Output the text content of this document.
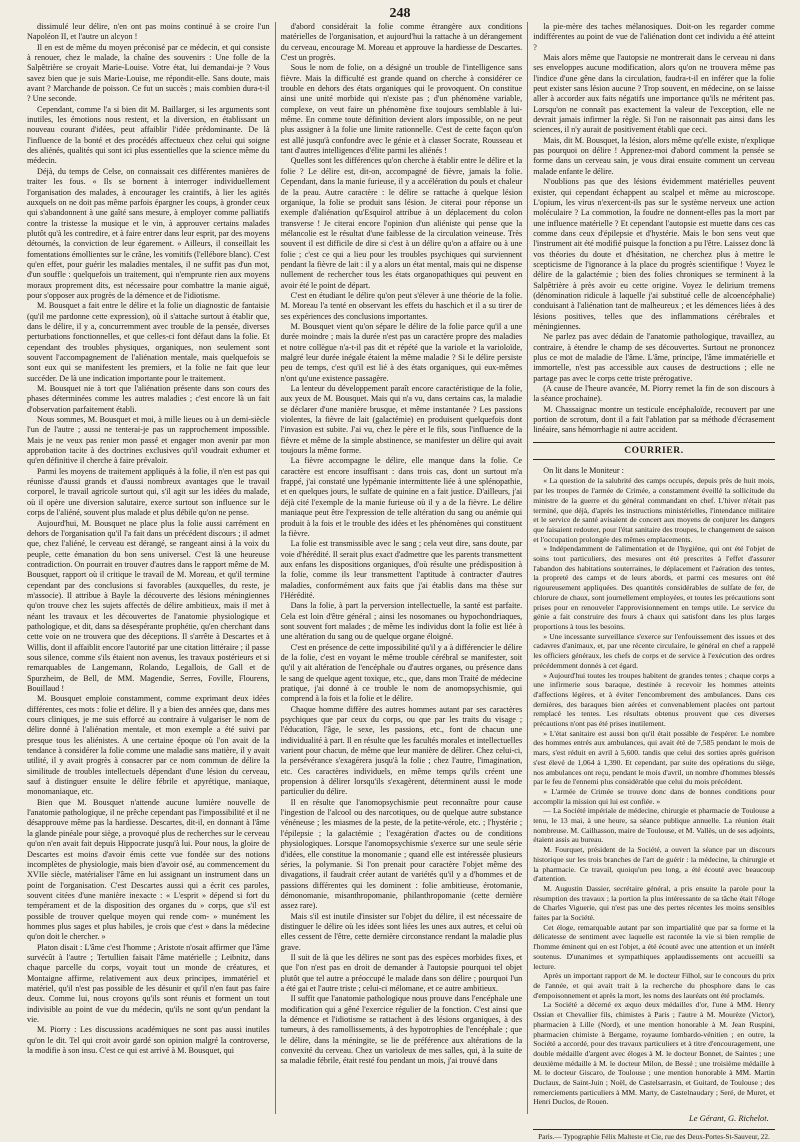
248

dissimulé leur délire, n'en ont pas moins continué à se croire l'un Napoléon II, et l'autre un alcyon !

Il en est de même du moyen préconisé par ce médecin, et qui consiste à renouer, chez le malade, la chaîne des souvenirs : Une folle de la Salpêtrière se croyait Marie-Louise. Votre état, lui demandai-je ? Vous savez bien que je suis Marie-Louise, me répondit-elle. Sans doute, mais avant ? Marchande de poisson. Ce fut un succès ; mais combien dura-t-il ? Une seconde.

Cependant, comme l'a si bien dit M. Baillarger, si les arguments sont inutiles, les émotions nous restent, et la diversion, en établissant un nouveau courant d'idées, peut affaiblir l'idée prédominante. De là l'influence de la bonté et des procédés affectueux chez celui qui soigne des aliénés, qualités qui sont ici plus essentielles que la science même du médecin.

Déjà, du temps de Celse, on connaissait ces différentes manières de traiter les fous. « Ils se bornent à interroger individuellement l'organisation des malades, à encourager les craintifs, à lier les agités auxquels on ne doit pas même parfois épargner les coups, à gronder ceux qui s'abandonnent à une gaîté sans mesure, à employer comme palliatifs contre la tristesse la musique et le vin, à approuver certains malades plutôt qu'à les contredire, et à faire entrer dans leur esprit, par des moyens détournés, la conviction de leur égarement. » Ailleurs, il conseillait les fomentations émollientes sur le crâne, les vomitifs (l'ellébore blanc). C'est qu'en effet, pour guérir les maladies mentales, il ne suffit pas d'un mot, d'un souffle : quelquefois un traitement, qui n'emprunte rien aux moyens moraux proprement dits, est nécessaire pour combattre la manie aiguë, pour s'opposer aux progrès de la démence et de l'idiotisme.

M. Bousquet a fait entre le délire et la folie un diagnostic de fantaisie (qu'il me pardonne cette expression), où il s'attache surtout à établir que, dans le délire, il y a, concurremment avec trouble de la pensée, diverses perturbations fonctionnelles, et que celles-ci font défaut dans la folie. Et cependant des troubles physiques, organiques, non seulement sont souvent l'accompagnement de l'aliénation mentale, mais quelquefois se sont eux qui se manifestent les premiers, et la folie ne fait que leur succéder. De là une indication importante pour le traitement.

M. Bousquet nie à tort que l'aliénation présente dans son cours des phases déterminées comme les autres maladies ; c'est encore là un fait d'observation parfaitement établi.

Nous sommes, M. Bousquet et moi, à mille lieues ou à un demi-siècle l'un de l'autre ; aussi ne tenterai-je pas un rapprochement impossible. Mais je ne veux pas renier mon passé et engager mon avenir par mon approbation tacite à des doctrines exclusives qu'il voudrait exhumer et qu'en définitive il cherche à faire prévaloir.

Parmi les moyens de traitement appliqués à la folie, il n'en est pas qui réunisse d'aussi grands et d'aussi nombreux avantages que le travail corporel, le travail agricole surtout qui, s'il agit sur les idées du malade, où il opère une diversion salutaire, exerce surtout son influence sur le corps de l'aliéné, souvent plus malade et plus débile qu'on ne pense.

Aujourd'hui, M. Bousquet ne place plus la folie aussi carrément en dehors de l'organisation qu'il l'a fait dans un précédent discours ; il admet que, chez l'aliéné, le cerveau est dérangé, se rangeant ainsi à la voix du peuple, cette émanation du bon sens universel. C'est là une heureuse contradiction. On pourrait en trouver d'autres dans le rapport même de M. Bousquet, rapport où il critique le travail de M. Moreau, et qu'il termine cependant par des conclusions si favorables (auxquelles, du reste, je m'associe). Il attribue à Bayle la découverte des lésions méningiennes qu'on trouve chez les sujets affectés de délire ambitieux, mais il met à néant les travaux et les découvertes de l'anatomie physiologique et pathologique, et dit, dans sa désespérante prophétie, qu'en cherchant dans cette voie on ne trouvera que des déceptions. Il s'arrête à Descartes et à Willis, dont il affaiblit encore l'autorité par une citation littéraire ; il passe sous silence, comme s'ils étaient non avenus, les travaux postérieurs et si remarquables de Langemann, Rolando, Legallois, de Gall et de Spurzheim, de Bell, de MM. Magendie, Serres, Foville, Flourens, Bouillaud !

M. Bousquet emploie constamment, comme exprimant deux idées différentes, ces mots : folie et délire. Il y a bien des années que, dans mes cours cliniques, je me suis efforcé au contraire à vulgariser le nom de délire donné à l'aliénation mentale, et mon exemple a été suivi par presque tous les aliénistes. A une certaine époque où l'on avait de la tendance à considérer la folie comme une maladie sans matière, il y avait utilité, il y avait progrès à consacrer par ce nom commun de délire la similitude de troubles intellectuels dépendant d'une lésion du cerveau, sauf à distinguer ensuite le délire fébrile et apyrétique, maniaque, monomaniaque, etc.

Bien que M. Bousquet n'attende aucune lumière nouvelle de l'anatomie pathologique, il ne prêche cependant pas l'impossibilité et il ne désapprouve même pas la hardiesse. Descartes, dit-il, en donnant à l'âme la glande pinéale pour siège, a provoqué plus de recherches sur le cerveau qu'on n'en avait fait depuis Hippocrate jusqu'à lui. Pour nous, la gloire de Descartes est moins d'avoir émis cette vue fondée sur des notions incomplètes de physiologie, mais bien d'avoir osé, au commencement du XVIIe siècle, matérialiser l'âme en lui assignant un instrument dans un point de l'organisation. C'est Descartes aussi qui a écrit ces paroles, souvent citées d'une manière inexacte : « L'esprit » dépend si fort du tempérament et de la disposition des organes du » corps, que s'il est possible de trouver quelque moyen qui rende com- » munément les hommes plus sages et plus habiles, je crois que c'est » dans la médecine qu'on doit le chercher. »

Platon disait : L'âme c'est l'homme ; Aristote n'osait affirmer que l'âme survécût à l'autre ; Tertullien faisait l'âme matérielle ; Leibnitz, dans chaque parcelle du corps, voyait tout un monde de créatures, et Montaigne affirme, relativement aux deux principes, immatériel et matériel, qu'il n'est pas possible de les désunir et qu'il n'en faut pas faire deux. Comme lui, nous croyons qu'ils sont réunis et forment un tout indivisible au point de vue du médecin, qu'ils ne sont qu'un pendant la vie.

M. Piorry : Les discussions académiques ne sont pas aussi inutiles qu'on le dit. Tel qui croit avoir gardé son opinion malgré la controverse, la modifie à son insu. C'est ce qui est arrivé à M. Bousquet, qui

d'abord considérait la folie comme étrangère aux conditions matérielles de l'organisation, et aujourd'hui la rattache à un dérangement du cerveau, encourage M. Moreau et approuve la hardiesse de Descartes. C'est un progrès.

Sous le nom de folie, on a désigné un trouble de l'intelligence sans fièvre. Mais la difficulté est grande quand on cherche à considérer ce trouble en dehors des états organiques qui le provoquent. On constitue ainsi une unité morbide qui n'existe pas ; d'un phénomène variable, complexe, on veut faire un phénomène fixe toujours semblable à lui-même. En comme toute définition devient alors impossible, on ne peut plus assigner à la folie une limite rationnelle. C'est de cette façon qu'on est allé jusqu'à confondre avec le génie et à classer Socrate, Rousseau et tant d'autres intelligences d'élite parmi les aliénés !

Quelles sont les différences qu'on cherche à établir entre le délire et la folie ? Le délire est, dit-on, accompagné de fièvre, jamais la folie. Cependant, dans la manie furieuse, il y a accélération du pouls et chaleur de la peau. Autre caractère : le délire se rattache à quelque lésion organique, la folie se produit sans lésion. Je citerai pour réponse un exemple d'aliénation qu'Esquirol attribue à un déplacement du colon transverse ! Je citerai encore l'opinion d'un aliéniste qui pense que la mélancolie est le résultat d'une faiblesse de la circulation veineuse. Très souvent il est difficile de dire si c'est à un délire qu'on a affaire ou à une folie ; c'est ce qui a lieu pour les troubles psychiques qui surviennent pendant la fièvre de lait : il y a alors un état mental, mais qui ne dispense nullement de rechercher tous les états organopathiques qui peuvent en avoir été le point de départ.

C'est en étudiant le délire qu'on peut s'élever à une théorie de la folie. M. Moreau l'a tenté en observant les effets du haschich et il a su tirer de ses expériences des conclusions importantes.

M. Bousquet vient qu'on sépare le délire de la folie parce qu'il a une durée moindre ; mais la durée n'est pas un caractère propre des maladies et notre collègue n'a-t-il pas dit et répété que la variole et la varioloïde, malgré leur durée inégale étaient la même maladie ? Si le délire persiste peu de temps, c'est qu'il est lié à des états organiques, qui eux-mêmes n'ont qu'une existence passagère.

La lenteur du développement paraît encore caractéristique de la folie, aux yeux de M. Bousquet. Mais qui n'a vu, dans certains cas, la maladie se déclarer d'une manière brusque, et même instantanée ? Les passions violentes, la fièvre de lait (galactémie) en produisent quelquefois dont l'invasion est subite. J'ai vu, chez le père et le fils, sous l'influence de la fièvre et même de la simple abstinence, se manifester un délire qui avait toujours la même forme.

La fièvre accompagne le délire, elle manque dans la folie. Ce caractère est encore insuffisant : dans trois cas, dont un surtout m'a frappé, j'ai constaté une lypémanie intermittente liée à une splénopathie, et en quelques jours, le sulfate de quinine en a fait justice. D'ailleurs, j'ai déjà cité l'exemple de la manie furieuse où il y a de la fièvre. Le délire maniaque peut être l'expression de telle altération du sang ou anémie qui produit à la fois et le trouble des idées et les phénomènes qui constituent la fièvre.

La folie est transmissible avec le sang ; cela veut dire, sans doute, par voie d'hérédité. Il serait plus exact d'admettre que les parents transmettent aux enfans les dispositions organiques, d'où résulte une prédisposition à la folie, comme ils leur transmettent l'aptitude à contracter d'autres maladies, conformément aux faits que j'ai établis dans ma thèse sur l'Hérédité.

Dans la folie, à part la perversion intellectuelle, la santé est parfaite. Cela est loin d'être général ; ainsi les nosomanes ou hypochondriaques, sont souvent fort malades ; de même les individus dont la folie est liée à une altération du sang ou de quelque organe éloigné.

C'est en présence de cette impossibilité qu'il y a à différencier le délire de la folie, c'est en voyant le même trouble cérébral se manifester, soit qu'il y ait altération de l'encéphale ou d'autres organes, ou présence dans le sang de quelque agent toxique, etc., que, dans mon Traité de médecine pratique, j'ai donné à ce trouble le nom de anomopsychismie, qui comprend à la fois et la folie et le délire.

Chaque homme diffère des autres hommes autant par ses caractères psychiques que par ceux du corps, ou que par les traits du visage ; l'éducation, l'âge, le sexe, les passions, etc., font de chacun une individualité à part. Il en résulte que les facultés morales et intellectuelles varient pour chacun, de même que leur manière de délirer. Chez celui-ci, la persévérance s'exagérera jusqu'à la folie ; chez l'autre, l'imagination, etc. Ces caractères individuels, en même temps qu'ils créent une propension à délirer lorsqu'ils s'exagèrent, déterminent aussi le mode particulier du délire.

Il en résulte que l'anomopsychismie peut reconnaître pour cause l'ingestion de l'alcool ou des narcotiques, ou de quelque autre substance vénéneuse ; les miasmes de la peste, de la petite-vérole, etc. ; l'hystérie ; l'épilepsie ; la galactémie ; l'exagération d'actes ou de conditions physiologiques. Lorsque l'anomopsychismie s'exerce sur une seule série d'idées, elle constitue la monomanie ; quand elle est intéressée plusieurs séries, la polymanie. Si l'on prenait pour caractère l'objet même des divagations, il faudrait créer autant de variétés qu'il y a d'hommes et de passions différentes qui les dominent : folie ambitieuse, érotomanie, démonomanie, misanthropomanie, philanthropomanie (cette dernière assez rare).

Mais s'il est inutile d'insister sur l'objet du délire, il est nécessaire de distinguer le délire où les idées sont liées les unes aux autres, et celui où elles cessent de l'être, cette dernière circonstance rendant la maladie plus grave.

Il suit de là que les délires ne sont pas des espèces morbides fixes, et que l'on n'est pas en droit de demander à l'autopsie pourquoi tel objet plutôt que tel autre a préoccupé le malade dans son délire ; pourquoi l'un a été gai et l'autre triste ; celui-ci mélomane, et ce autre ambitieux.

Il suffit que l'anatomie pathologique nous prouve dans l'encéphale une modification qui a gêné l'exercice régulier de la fonction. C'est ainsi que la démence et l'idiotisme se rattachent à des lésions organiques, à des tumeurs, à des ramollissements, à des hypotrophies de l'encéphale ; que le délire, dans la méningite, se lie de préférence aux altérations de la convexité du cerveau. Chez un varioleux de mes salles, qui, à la suite de sa maladie fébrile, était resté fou pendant un mois, j'ai trouvé dans

la pie-mère des taches mélanosiques. Doit-on les regarder comme indifférentes au point de vue de l'aliénation dont cet individu a été atteint ?

Mais alors même que l'autopsie ne montrerait dans le cerveau ni dans ses enveloppes aucune modification, alors qu'on ne trouvera même pas l'indice d'une gêne dans la circulation, faudra-t-il en inférer que la folie peut exister sans lésion aucune ? Trop souvent, en médecine, on se laisse aller à accorder aux faits négatifs une importance qu'ils ne méritent pas. Lorsqu'on ne connaît pas exactement la valeur de l'exception, elle ne devrait jamais infirmer la règle. Si l'on ne raisonnait pas ainsi dans les sciences, il n'y aurait de positivement établi que ceci.

Mais, dit M. Bousquet, la lésion, alors même qu'elle existe, n'explique pas pourquoi on délire ! Apprenez-moi d'abord comment la pensée se forme dans un cerveau sain, je vous dirai ensuite comment un cerveau malade enfante le délire.

N'oublions pas que des lésions évidemment matérielles peuvent exister, qui cependant échappent au scalpel et même au microscope. L'opium, les virus n'exercent-ils pas sur le système nerveux une action moléculaire ? La commotion, la foudre ne donnent-elles pas la mort par une influence matérielle ? Et cependant l'autopsie est muette dans ces cas comme dans ceux d'épilepsie et d'hystérie. Mais le bon sens veut que l'instrument ait été modifié puisque la fonction a pu l'être. Laissez donc là vos théories du doute et d'hésitation, ne cherchez plus à mettre le scepticisme de l'ignorance à la place du progrès scientifique ! Voyez le délire de la galactémie ; bien des folies chroniques se terminent à la Salpêtrière à près avoir eu cette origine. Voyez le delirium tremens (dénomination ridicule à laquelle j'ai substitué celle de alcoencéphalie) conduisant à l'aliénation tant de malheureux ; et les démences liées à des lésions positives, telles que des inflammations cérébrales et méningiennes.

Ne parlez pas avec dédain de l'anatomie pathologique, travaillez, au contraire, à étendre le champ de ses découvertes. Surtout ne prononcez plus ce mot de maladie de l'âme. L'âme, principe, l'âme immatérielle et immortelle, n'est pas accessible aux causes de destructions ; elle ne partage pas avec le corps cette triste prérogative.

(A cause de l'heure avancée, M. Piorry remet la fin de son discours à la séance prochaine).

M. Chassaignac montre un testicule encéphaloïde, recouvert par une portion de scrotum, dont il a fait l'ablation par sa méthode d'écrasement linéaire, sans hémorrhagie ni autre accident.

COURRIER.

On lit dans le Moniteur :

« La question de la salubrité des camps occupés, depuis près de huit mois, par les troupes de l'armée de Crimée, a constamment éveillé la sollicitude du ministre de la guerre et du général commandant en chef. L'hiver n'était pas terminé, que déjà, d'après les instructions ministérielles, l'intendance militaire et le service de santé avisaient de concert aux moyens de conjurer les dangers que faisaient redouter, pour l'état sanitaire des troupes, le changement de saison et l'occupation prolongée des mêmes emplacements.

» Indépendamment de l'alimentation et de l'hygiène, qui ont été l'objet de soins tout particuliers, des mesures ont été prescrites à l'effet d'assurer l'abandon des habitations souterraines, le déplacement et l'aération des tentes, la propreté des camps et de leurs abords, et parmi ces mesures ont été rigoureusement appliquées. Des quantités considérables de sulfate de fer, de chlorure de chaux, sont journellement employées, et toutes les précautions sont prises pour en renouveler l'approvisionnement en temps utile. Le service du génie a fait construire des fours à chaux qui satisfont dans les plus larges proportions à tous les besoins.

» Une incessante surveillance s'exerce sur l'enfouissement des issues et des cadavres d'animaux, et, par une récente circulaire, le général en chef a rappelé les officiers généraux, les chefs de corps et de service à l'exécution des ordres précédemment donnés à cet égard.

» Aujourd'hui toutes les troupes habitent de grandes tentes ; chaque corps a une infirmerie sous baraque, destinée à recevoir les hommes atteints d'affections légères, et à éviter l'encombrement des ambulances. Dans ces dernières, des baraques bien aérées et convenablement placées ont partout remplacé les tentes. Les résultats obtenus prouvent que ces diverses précautions n'ont pas été prises inutilement.

» L'état sanitaire est aussi bon qu'il était possible de l'espérer. Le nombre des hommes entrés aux ambulances, qui avait été de 7,585 pendant le mois de mars, s'est réduit en avril à 5,600. tandis que celui des sorties après guérison s'est élevé de 1,064 à 1,390. Et cependant, par suite des opérations du siège, nos ambulances ont reçu, pendant le mois d'avril, un nombre d'hommes blessés par le feu de l'ennemi plus considérable que celui du mois précédent.

» L'armée de Crimée se trouve donc dans de bonnes conditions pour accomplir la mission qui lui est confiée. »

— La Société impériale de médecine, chirurgie et pharmacie de Toulouse a tenu, le 13 mai, à une heure, sa séance publique annuelle. La réunion était nombreuse. M. Cailhasson, maire de Toulouse, et M. Vallès, un de ses adjoints, étaient assis au bureau.

M. Fourquet, président de la Société, a ouvert la séance par un discours historique sur les trois branches de l'art de guérir : la médecine, la chirurgie et la pharmacie. Ce travail, quoiqu'un peu long, a été écouté avec beaucoup d'attention.

M. Augustin Dassier, secrétaire général, a pris ensuite la parole pour la résumption des travaux ; la portion la plus intéressante de sa tâche était l'éloge de Charles Viguerie, qui n'est pas une des pertes récentes les moins sensibles faites par la Société.

Cet éloge, remarquable autant par son impartialité que par sa forme et la délicatesse de sentiment avec laquelle est racontée la vie si bien remplie de l'homme éminent qui en est l'objet, a été écouté avec une attention et un intérêt soutenus. D'unanimes et sympathiques applaudissements ont accueilli sa lecture.

Après un important rapport de M. le docteur Filhol, sur le concours du prix de l'année, et qui avait trait à la recherche du phosphore dans le cas d'empoisonnement et après la mort, les noms des lauréats ont été proclamés.

La Société a décerné ex æquo deux médailles d'or, l'une à MM. Henry Ossian et Chevallier fils, chimistes à Paris ; l'autre à M. Mourèze (Victor), pharmacien à Lille (Nord), et une mention honorable à M. Jean Ruspini, pharmacien chimiste à Bergame, royaume lombardo-vénitien ; en outre, la Société a accordé, pour des travaux particuliers et à titre d'encouragement, une double médaille d'argent avec éloges à M. le docteur Bonnet, de Saintes ; une deuxième médaille à M. le docteur Milon, de Bessé ; une troisième médaille à M. le docteur Giscaro, de Toulouse ; une mention honorable à MM. Martin Duclaux, de Saint-Juin ; Noël, de Castelsarrasin, et Guitard, de Toulouse ; des remerciements particuliers à MM. Marty, de Castelnaudary ; Seré, de Muret, et Henri Duclos, de Rouen.

Le Gérant, G. Richelot.
Paris.— Typographie Félix Malteste et Cie, rue des Deux-Portes-St-Sauveur, 22.
